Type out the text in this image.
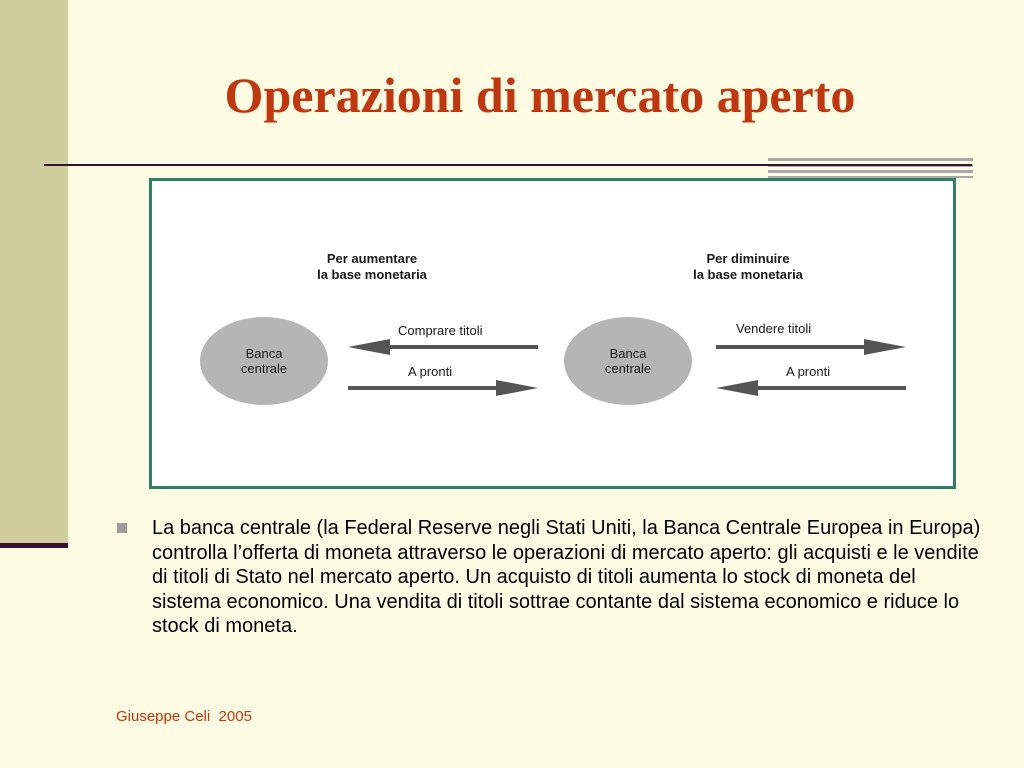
Operazioni di mercato aperto
Per aumentare
la base monetaria
Per diminuire
la base monetaria
Banca
centrale
Banca
centrale
Comprare titoli
A pronti
Vendere titoli
A pronti

La banca centrale (la Federal Reserve negli Stati Uniti, la Banca Centrale Europea in Europa) controlla l’offerta di moneta attraverso le operazioni di mercato aperto: gli acquisti e le vendite di titoli di Stato nel mercato aperto. Un acquisto di titoli aumenta lo stock di moneta del sistema economico. Una vendita di titoli sottrae contante dal sistema economico e riduce lo stock di moneta.

Giuseppe Celi  2005
